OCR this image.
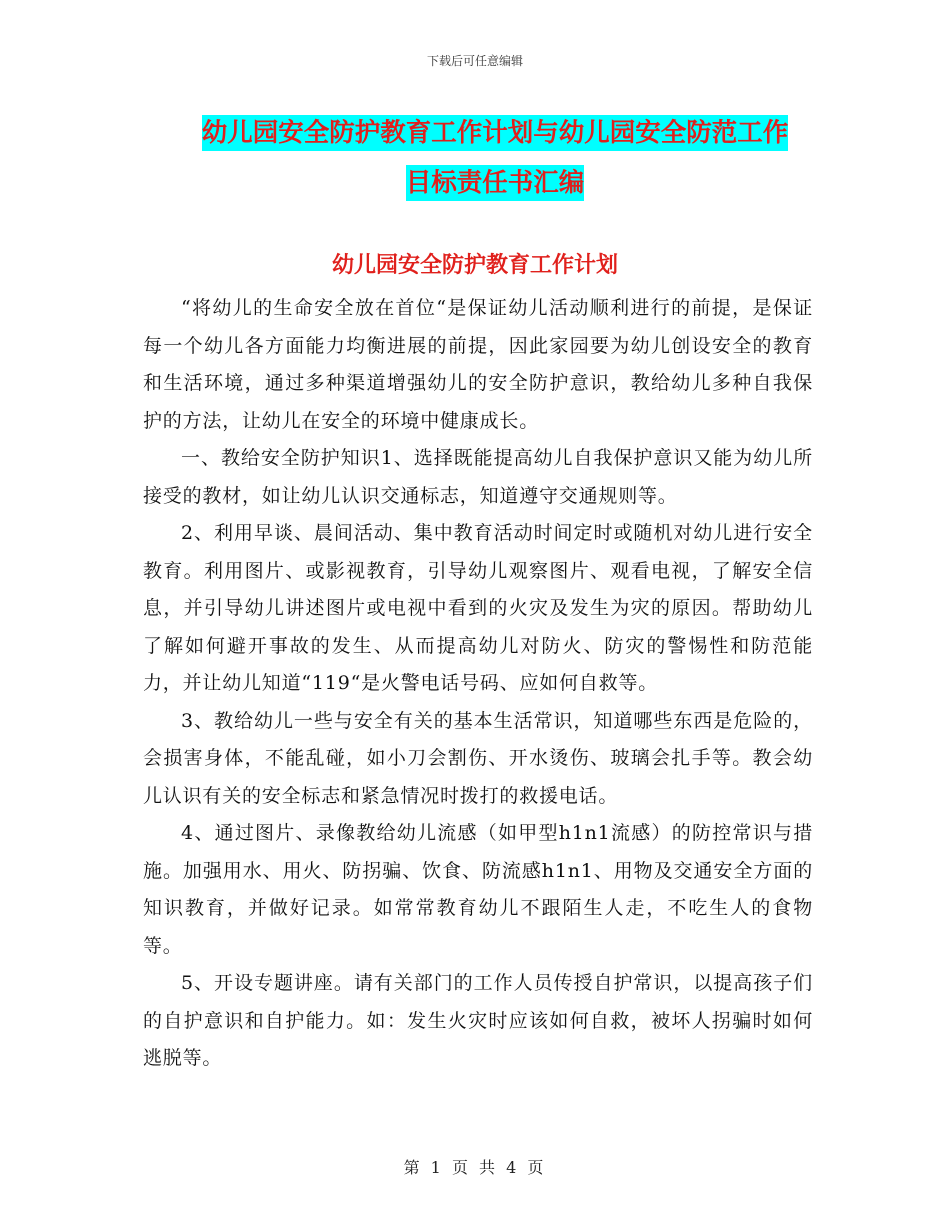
下载后可任意编辑
幼儿园安全防护教育工作计划与幼儿园安全防范工作
目标责任书汇编
幼儿园安全防护教育工作计划

“将幼儿的生命安全放在首位“是保证幼儿活动顺利进行的前提，是保证每一个幼儿各方面能力均衡进展的前提，因此家园要为幼儿创设安全的教育和生活环境，通过多种渠道增强幼儿的安全防护意识，教给幼儿多种自我保护的方法，让幼儿在安全的环境中健康成长。

一、教给安全防护知识1、选择既能提高幼儿自我保护意识又能为幼儿所接受的教材，如让幼儿认识交通标志，知道遵守交通规则等。

2、利用早谈、晨间活动、集中教育活动时间定时或随机对幼儿进行安全教育。利用图片、或影视教育，引导幼儿观察图片、观看电视，了解安全信息，并引导幼儿讲述图片或电视中看到的火灾及发生为灾的原因。帮助幼儿了解如何避开事故的发生、从而提高幼儿对防火、防灾的警惕性和防范能力，并让幼儿知道“119“是火警电话号码、应如何自救等。

3、教给幼儿一些与安全有关的基本生活常识，知道哪些东西是危险的，会损害身体，不能乱碰，如小刀会割伤、开水烫伤、玻璃会扎手等。教会幼儿认识有关的安全标志和紧急情况时拨打的救援电话。

4、通过图片、录像教给幼儿流感（如甲型h1n1流感）的防控常识与措施。加强用水、用火、防拐骗、饮食、防流感h1n1、用物及交通安全方面的知识教育，并做好记录。如常常教育幼儿不跟陌生人走，不吃生人的食物等。

5、开设专题讲座。请有关部门的工作人员传授自护常识，以提高孩子们的自护意识和自护能力。如：发生火灾时应该如何自救，被坏人拐骗时如何逃脱等。

第 1 页 共 4 页
